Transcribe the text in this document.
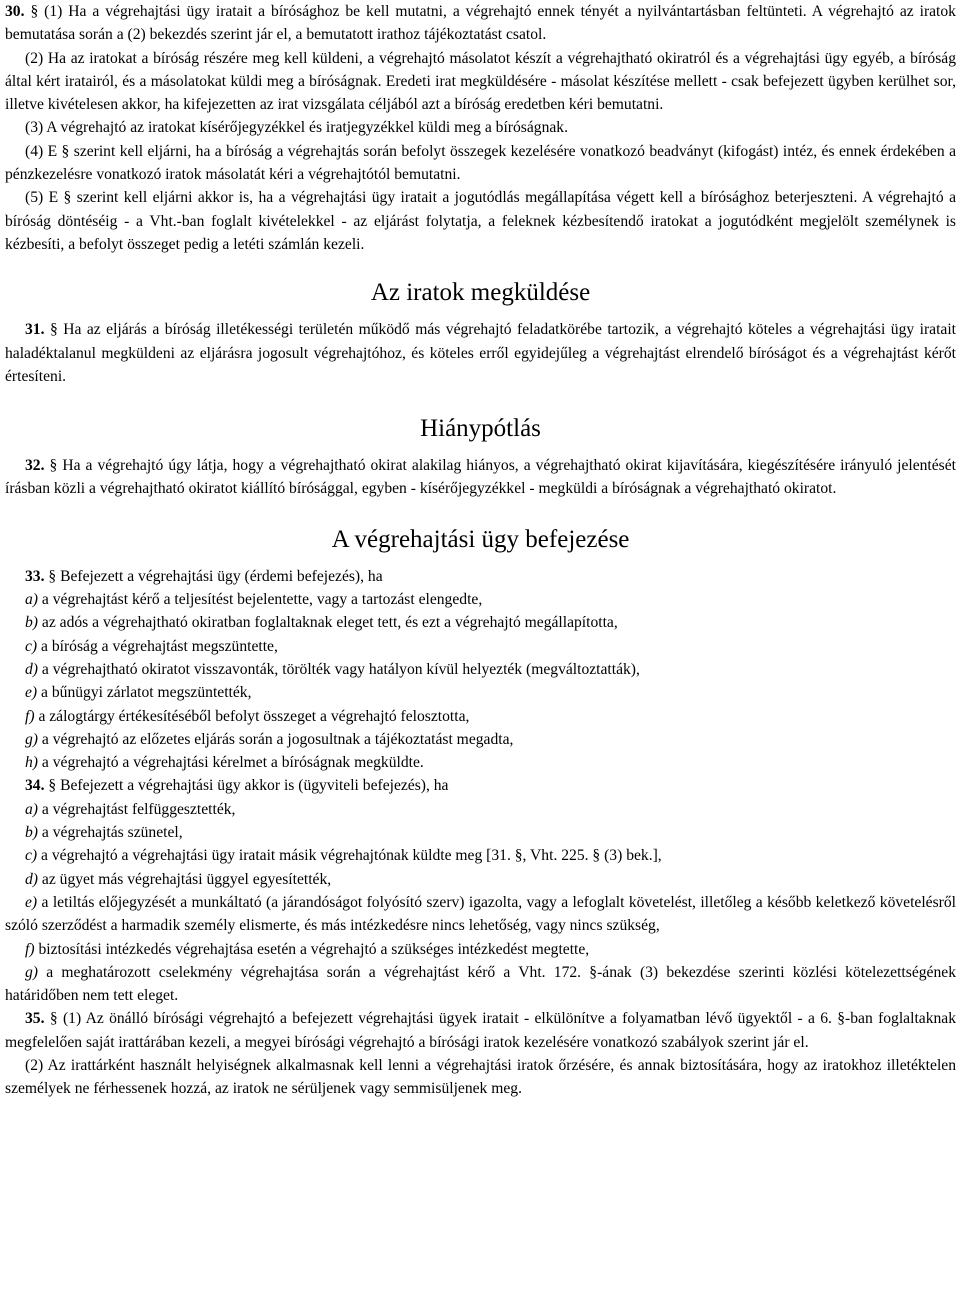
30. § (1) Ha a végrehajtási ügy iratait a bírósághoz be kell mutatni, a végrehajtó ennek tényét a nyilvántartásban feltünteti. A végrehajtó az iratok bemutatása során a (2) bekezdés szerint jár el, a bemutatott irathoz tájékoztatást csatol.

(2) Ha az iratokat a bíróság részére meg kell küldeni, a végrehajtó másolatot készít a végrehajtható okiratról és a végrehajtási ügy egyéb, a bíróság által kért iratairól, és a másolatokat küldi meg a bíróságnak. Eredeti irat megküldésére - másolat készítése mellett - csak befejezett ügyben kerülhet sor, illetve kivételesen akkor, ha kifejezetten az irat vizsgálata céljából azt a bíróság eredetben kéri bemutatni.

(3) A végrehajtó az iratokat kísérőjegyzékkel és iratjegyzékkel küldi meg a bíróságnak.

(4) E § szerint kell eljárni, ha a bíróság a végrehajtás során befolyt összegek kezelésére vonatkozó beadványt (kifogást) intéz, és ennek érdekében a pénzkezelésre vonatkozó iratok másolatát kéri a végrehajtótól bemutatni.

(5) E § szerint kell eljárni akkor is, ha a végrehajtási ügy iratait a jogutódlás megállapítása végett kell a bírósághoz beterjeszteni. A végrehajtó a bíróság döntéséig - a Vht.-ban foglalt kivételekkel - az eljárást folytatja, a feleknek kézbesítendő iratokat a jogutódként megjelölt személynek is kézbesíti, a befolyt összeget pedig a letéti számlán kezeli.

Az iratok megküldése

31. § Ha az eljárás a bíróság illetékességi területén működő más végrehajtó feladatkörébe tartozik, a végrehajtó köteles a végrehajtási ügy iratait haladéktalanul megküldeni az eljárásra jogosult végrehajtóhoz, és köteles erről egyidejűleg a végrehajtást elrendelő bíróságot és a végrehajtást kérőt értesíteni.

Hiánypótlás

32. § Ha a végrehajtó úgy látja, hogy a végrehajtható okirat alakilag hiányos, a végrehajtható okirat kijavítására, kiegészítésére irányuló jelentését írásban közli a végrehajtható okiratot kiállító bírósággal, egyben - kísérőjegyzékkel - megküldi a bíróságnak a végrehajtható okiratot.

A végrehajtási ügy befejezése

33. § Befejezett a végrehajtási ügy (érdemi befejezés), ha

a) a végrehajtást kérő a teljesítést bejelentette, vagy a tartozást elengedte,

b) az adós a végrehajtható okiratban foglaltaknak eleget tett, és ezt a végrehajtó megállapította,

c) a bíróság a végrehajtást megszüntette,

d) a végrehajtható okiratot visszavonták, törölték vagy hatályon kívül helyezték (megváltoztatták),

e) a bűnügyi zárlatot megszüntették,

f) a zálogtárgy értékesítéséből befolyt összeget a végrehajtó felosztotta,

g) a végrehajtó az előzetes eljárás során a jogosultnak a tájékoztatást megadta,

h) a végrehajtó a végrehajtási kérelmet a bíróságnak megküldte.

34. § Befejezett a végrehajtási ügy akkor is (ügyviteli befejezés), ha

a) a végrehajtást felfüggesztették,

b) a végrehajtás szünetel,

c) a végrehajtó a végrehajtási ügy iratait másik végrehajtónak küldte meg [31. §, Vht. 225. § (3) bek.],

d) az ügyet más végrehajtási üggyel egyesítették,

e) a letiltás előjegyzését a munkáltató (a járandóságot folyósító szerv) igazolta, vagy a lefoglalt követelést, illetőleg a később keletkező követelésről szóló szerződést a harmadik személy elismerte, és más intézkedésre nincs lehetőség, vagy nincs szükség,

f) biztosítási intézkedés végrehajtása esetén a végrehajtó a szükséges intézkedést megtette,

g) a meghatározott cselekmény végrehajtása során a végrehajtást kérő a Vht. 172. §-ának (3) bekezdése szerinti közlési kötelezettségének határidőben nem tett eleget.

35. § (1) Az önálló bírósági végrehajtó a befejezett végrehajtási ügyek iratait - elkülönítve a folyamatban lévő ügyektől - a 6. §-ban foglaltaknak megfelelően saját irattárában kezeli, a megyei bírósági végrehajtó a bírósági iratok kezelésére vonatkozó szabályok szerint jár el.

(2) Az irattárként használt helyiségnek alkalmasnak kell lenni a végrehajtási iratok őrzésére, és annak biztosítására, hogy az iratokhoz illetéktelen személyek ne férhessenek hozzá, az iratok ne sérüljenek vagy semmisüljenek meg.
